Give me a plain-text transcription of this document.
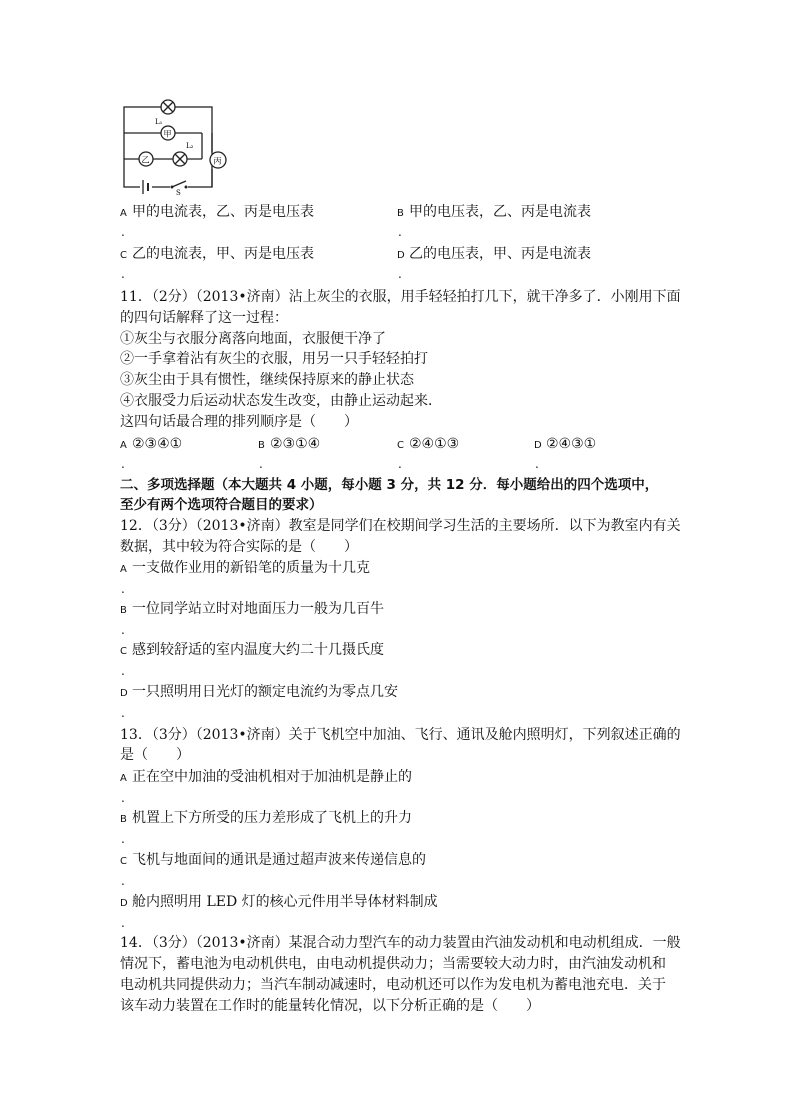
L₁
甲
L₂
乙	丙
S
A 甲的电流表，乙、丙是电压表
.
B 甲的电压表，乙、丙是电流表
.
C 乙的电流表，甲、丙是电压表
.
D 乙的电压表，甲、丙是电流表
.
11．（2分）（2013•济南）沾上灰尘的衣服，用手轻轻拍打几下，就干净多了．小刚用下面
的四句话解释了这一过程：
①灰尘与衣服分离落向地面，衣服便干净了
②一手拿着沾有灰尘的衣服，用另一只手轻轻拍打
③灰尘由于具有惯性，继续保持原来的静止状态
④衣服受力后运动状态发生改变，由静止运动起来．
这四句话最合理的排列顺序是（　　）
A ②③④①
.
B ②③①④
.
C ②④①③
.
D ②④③①
.
二、多项选择题（本大题共 4 小题，每小题 3 分，共 12 分．每小题给出的四个选项中，
至少有两个选项符合题目的要求）
12．（3分）（2013•济南）教室是同学们在校期间学习生活的主要场所．以下为教室内有关
数据，其中较为符合实际的是（　　）
A 一支做作业用的新铅笔的质量为十几克
.
B 一位同学站立时对地面压力一般为几百牛
.
C 感到较舒适的室内温度大约二十几摄氏度
.
D 一只照明用日光灯的额定电流约为零点几安
.
13．（3分）（2013•济南）关于飞机空中加油、飞行、通讯及舱内照明灯，下列叙述正确的
是（　　）
A 正在空中加油的受油机相对于加油机是静止的
.
B 机置上下方所受的压力差形成了飞机上的升力
.
C 飞机与地面间的通讯是通过超声波来传递信息的
.
D 舱内照明用 LED 灯的核心元件用半导体材料制成
.
14．（3分）（2013•济南）某混合动力型汽车的动力装置由汽油发动机和电动机组成．一般
情况下，蓄电池为电动机供电，由电动机提供动力；当需要较大动力时，由汽油发动机和
电动机共同提供动力；当汽车制动减速时，电动机还可以作为发电机为蓄电池充电．关于
该车动力装置在工作时的能量转化情况，以下分析正确的是（　　）
